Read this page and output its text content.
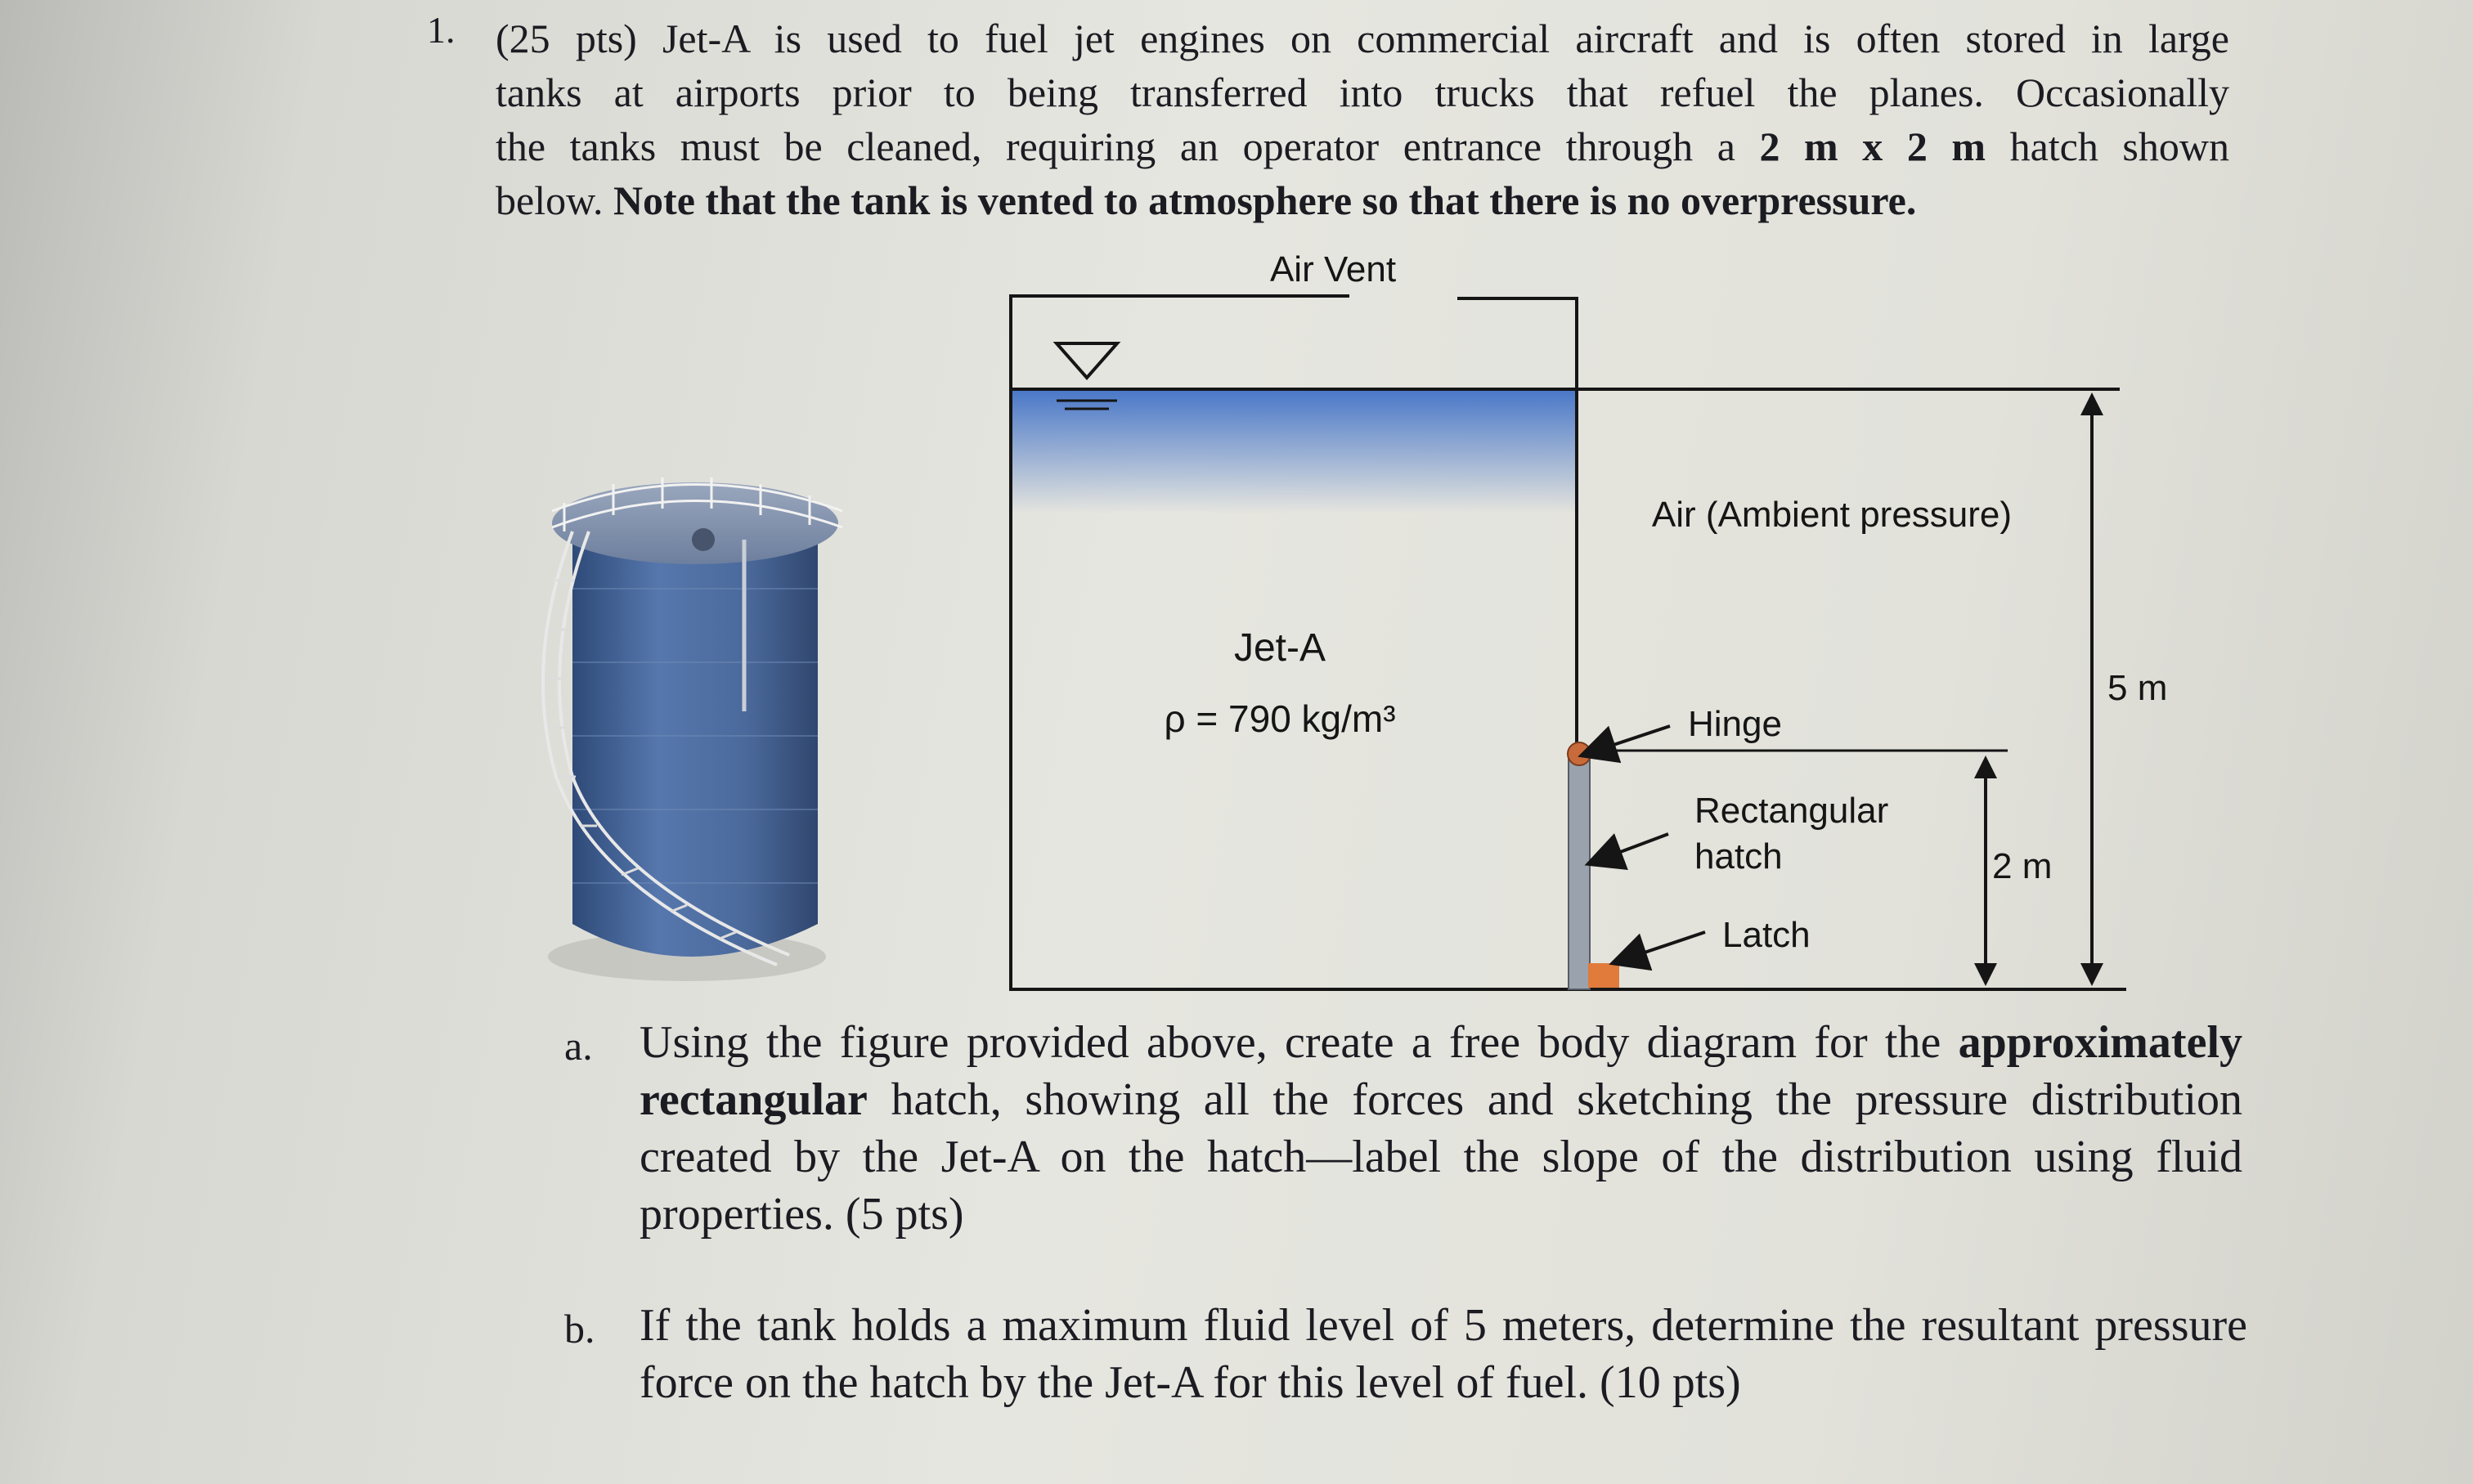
1. (25 pts) Jet-A is used to fuel jet engines on commercial aircraft and is often stored in large
tanks at airports prior to being transferred into trucks that refuel the planes. Occasionally
the tanks must be cleaned, requiring an operator entrance through a 2 m x 2 m hatch shown
below. Note that the tank is vented to atmosphere so that there is no overpressure.
Air Vent
Air (Ambient pressure)
Jet-A
ρ = 790 kg/m³	Hinge
Rectangular
hatch
Latch
5 m
2 m
a. Using the figure provided above, create a free body diagram for the approximately
rectangular hatch, showing all the forces and sketching the pressure distribution
created by the Jet-A on the hatch—label the slope of the distribution using fluid
properties. (5 pts)
b. If the tank holds a maximum fluid level of 5 meters, determine the resultant pressure
force on the hatch by the Jet-A for this level of fuel. (10 pts)
